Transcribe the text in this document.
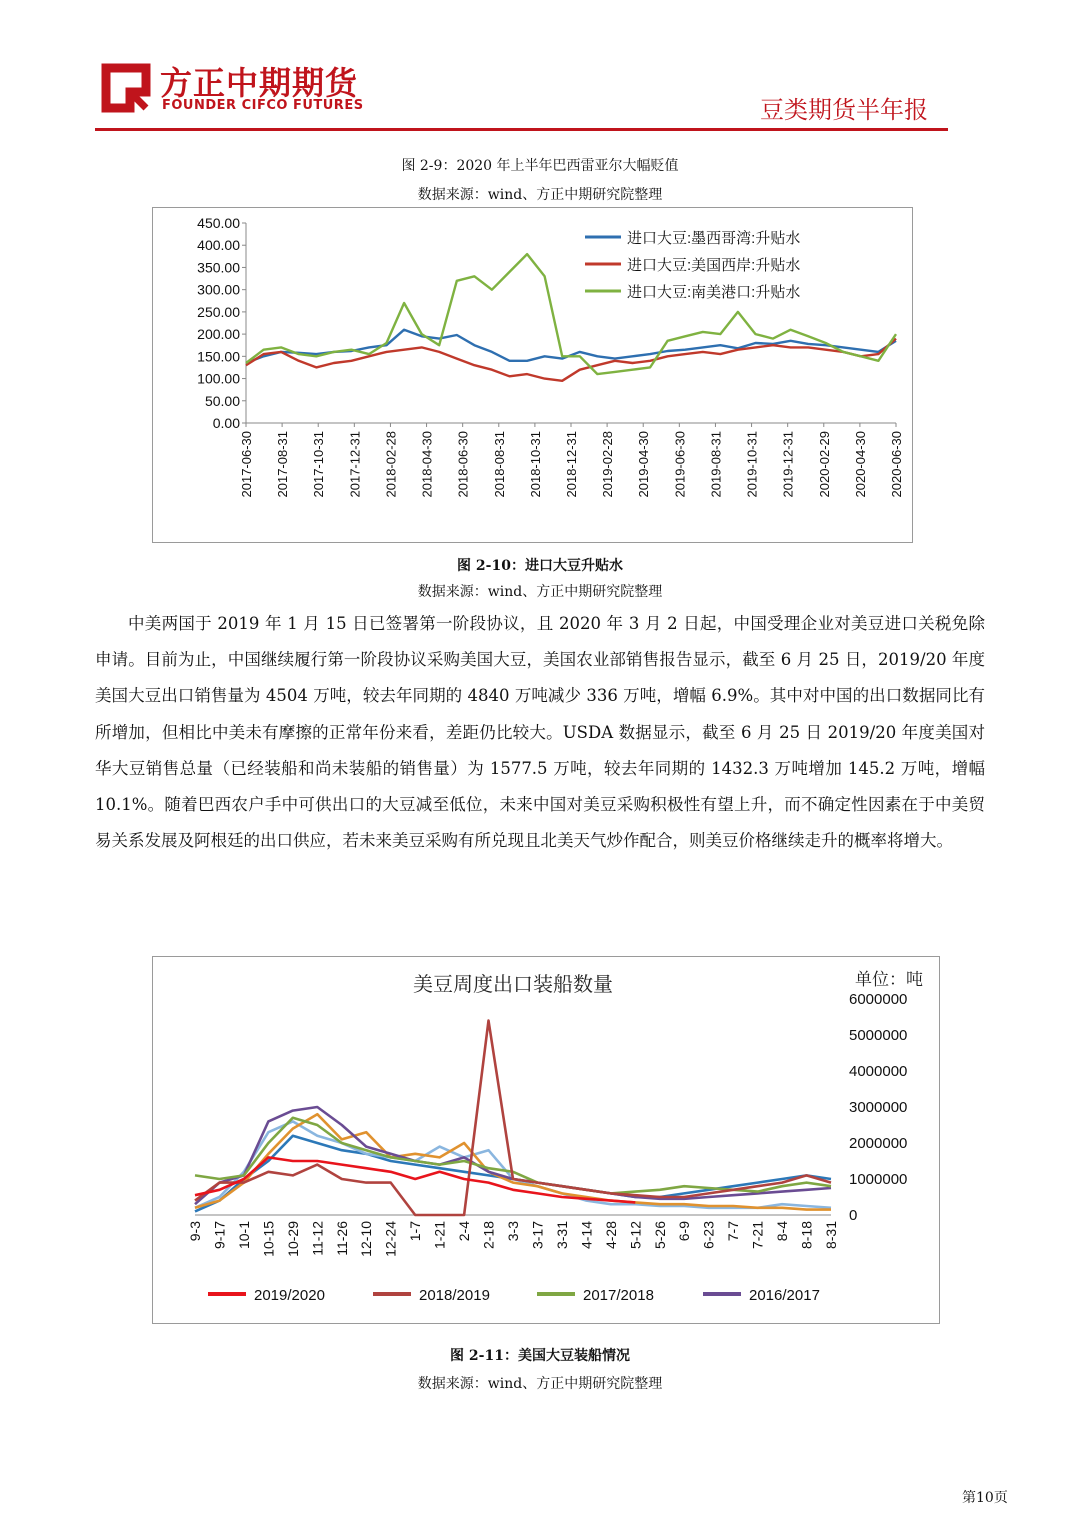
方正中期期货
FOUNDER CIFCO FUTURES	豆类期货半年报
图 2-9：2020 年上半年巴西雷亚尔大幅贬值
数据来源：wind、方正中期研究院整理
0.00
50.00
100.00
150.00
200.00
250.00
300.00
350.00
400.00
450.00
2017-06-30 2017-08-31 2017-10-31 2017-12-31 2018-02-28 2018-04-30 2018-06-30 2018-08-31 2018-10-31 2018-12-31 2019-02-28 2019-04-30 2019-06-30 2019-08-31 2019-10-31 2019-12-31 2020-02-29 2020-04-30 2020-06-30
进口大豆:墨西哥湾:升贴水
进口大豆:美国西岸:升贴水
进口大豆:南美港口:升贴水
图 2-10：进口大豆升贴水
数据来源：wind、方正中期研究院整理

中美两国于 2019 年 1 月 15 日已签署第一阶段协议，且 2020 年 3 月 2 日起，中国受理企业对美豆进口关税免除申请。目前为止，中国继续履行第一阶段协议采购美国大豆，美国农业部销售报告显示，截至 6 月 25 日，2019/20 年度美国大豆出口销售量为 4504 万吨，较去年同期的 4840 万吨减少 336 万吨，增幅 6.9%。其中对中国的出口数据同比有所增加，但相比中美未有摩擦的正常年份来看，差距仍比较大。USDA 数据显示，截至 6 月 25 日 2019/20 年度美国对华大豆销售总量（已经装船和尚未装船的销售量）为 1577.5 万吨，较去年同期的 1432.3 万吨增加 145.2 万吨，增幅 10.1%。随着巴西农户手中可供出口的大豆减至低位，未来中国对美豆采购积极性有望上升，而不确定性因素在于中美贸易关系发展及阿根廷的出口供应，若未来美豆采购有所兑现且北美天气炒作配合，则美豆价格继续走升的概率将增大。

美豆周度出口装船数量	单位：吨
0
1000000
2000000
3000000
4000000
5000000
6000000
9-3 9-17 10-1 10-15 10-29 11-12 11-26 12-10 12-24 1-7 1-21 2-4 2-18 3-3 3-17 3-31 4-14 4-28 5-12 5-26 6-9 6-23 7-7 7-21 8-4 8-18 8-31
2019/2020	2018/2019	2017/2018	2016/2017
图 2-11：美国大豆装船情况
数据来源：wind、方正中期研究院整理
第10页
